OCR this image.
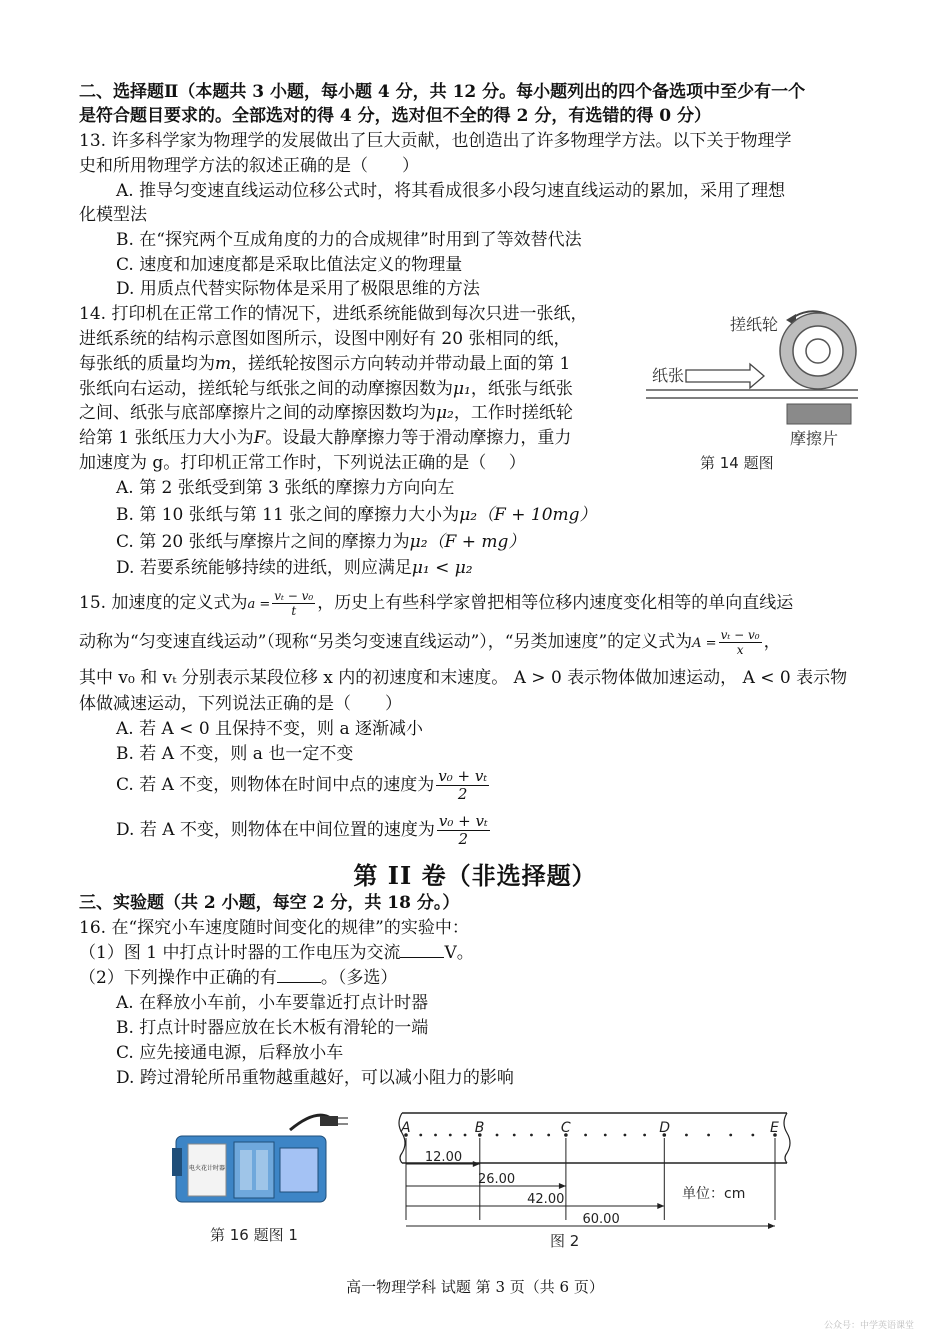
二、选择题Ⅱ（本题共 3 小题，每小题 4 分，共 12 分。每小题列出的四个备选项中至少有一个
是符合题目要求的。全部选对的得 4 分，选对但不全的得 2 分，有选错的得 0 分）
13. 许多科学家为物理学的发展做出了巨大贡献，也创造出了许多物理学方法。以下关于物理学
史和所用物理学方法的叙述正确的是（　　）
A. 推导匀变速直线运动位移公式时，将其看成很多小段匀速直线运动的累加，采用了理想
化模型法
B. 在“探究两个互成角度的力的合成规律”时用到了等效替代法
C. 速度和加速度都是采取比值法定义的物理量
D. 用质点代替实际物体是采用了极限思维的方法
14. 打印机在正常工作的情况下，进纸系统能做到每次只进一张纸，
进纸系统的结构示意图如图所示，设图中刚好有 20 张相同的纸，
每张纸的质量均为m，搓纸轮按图示方向转动并带动最上面的第 1
张纸向右运动，搓纸轮与纸张之间的动摩擦因数为μ₁，纸张与纸张
之间、纸张与底部摩擦片之间的动摩擦因数均为μ₂，工作时搓纸轮
给第 1 张纸压力大小为F。设最大静摩擦力等于滑动摩擦力，重力
加速度为 g。打印机正常工作时，下列说法正确的是（　 ）
A. 第 2 张纸受到第 3 张纸的摩擦力方向向左
B. 第 10 张纸与第 11 张之间的摩擦力大小为μ₂（F + 10mg）
C. 第 20 张纸与摩擦片之间的摩擦力为μ₂（F + mg）
D. 若要系统能够持续的进纸，则应满足μ₁ < μ₂
搓纸轮
纸张
摩擦片
第 14 题图
15. 加速度的定义式为$a = \frac{\text{vₜ − v₀}}{t}$ ，历史上有些科学家曾把相等位移内速度变化相等的单向直线运
动称为“匀变速直线运动”（现称“另类匀变速直线运动”），“另类加速度”的定义式为$A = \frac{\text{vₜ − v₀}}{x}$ ，
其中 v₀ 和 vₜ 分别表示某段位移 x 内的初速度和末速度。 A > 0 表示物体做加速运动， A < 0 表示物
体做减速运动，下列说法正确的是（　　）
A. 若 A < 0 且保持不变，则 a 逐渐减小
B. 若 A 不变，则 a 也一定不变
C. 若 A 不变，则物体在时间中点的速度为 $\frac{\text{v₀ + vₜ}}{2}$
D. 若 A 不变，则物体在中间位置的速度为 $\frac{\text{v₀ + vₜ}}{2}$
第 II 卷（非选择题）
三、实验题（共 2 小题，每空 2 分，共 18 分。）
16. 在“探究小车速度随时间变化的规律”的实验中：
（1）图 1 中打点计时器的工作电压为交流	V。
（2）下列操作中正确的有	。（多选）
A. 在释放小车前，小车要靠近打点计时器
B. 打点计时器应放在长木板有滑轮的一端
C. 应先接通电源，后释放小车
D. 跨过滑轮所吊重物越重越好，可以减小阻力的影响
电火花计时器
第 16 题图 1
A	B	C	D	E
12.00
26.00
42.00
60.00
单位：cm
图 2
高一物理学科 试题 第 3 页（共 6 页）
公众号：中学英语课堂
